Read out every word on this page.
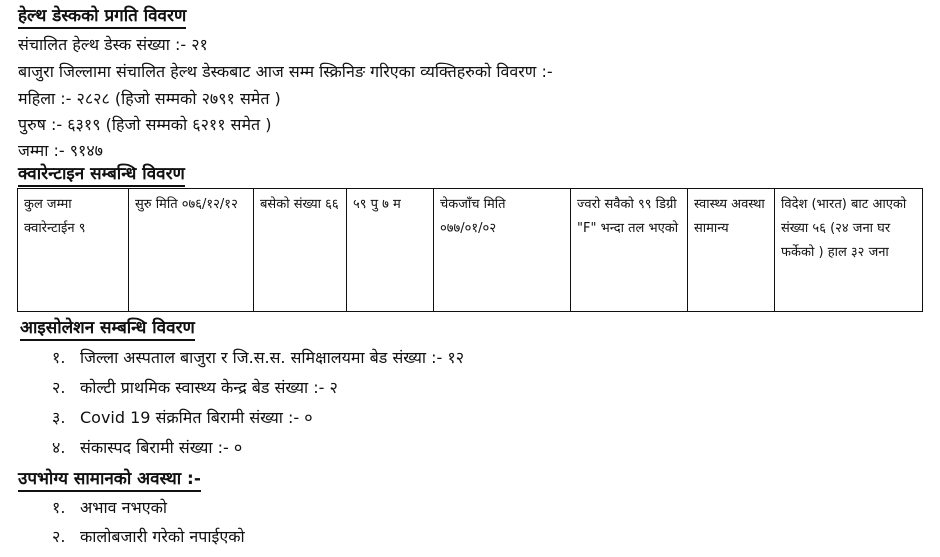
हेल्थ डेस्कको प्रगति विवरण
संचालित हेल्थ डेस्क संख्या :- २१
बाजुरा जिल्लामा संचालित हेल्थ डेस्कबाट आज सम्म स्क्रिनिङ गरिएका व्यक्तिहरुको विवरण :-
महिला :- २८२८ (हिजो सम्मको २७९१ समेत )
पुरुष :- ६३१९ (हिजो सम्मको ६२११ समेत )
जम्मा :- ९१४७
क्वारेन्टाइन सम्बन्धि विवरण
कुल जम्मा क्वारेन्टाईन ९	सुरु मिति ०७६/१२/१२	बसेको संख्या ६६	५९ पु ७ म	चेकजाँच मिति ०७७/०१/०२	ज्वरो सवैको ९९ डिग्री "F" भन्दा तल भएको	स्वास्थ्य अवस्था सामान्य	विदेश (भारत) बाट आएको संख्या ५६ (२४ जना घर फर्केको ) हाल ३२ जना
आइसोलेशन सम्बन्धि विवरण
१. जिल्ला अस्पताल बाजुरा र जि.स.स. समिक्षालयमा बेड संख्या :- १२
२. कोल्टी प्राथमिक स्वास्थ्य केन्द्र बेड संख्या :- २
३. Covid 19 संक्रमित बिरामी संख्या :- ०
४. संकास्पद बिरामी संख्या :- ०
उपभोग्य सामानको अवस्था :-
१. अभाव नभएको
२. कालोबजारी गरेको नपाईएको
